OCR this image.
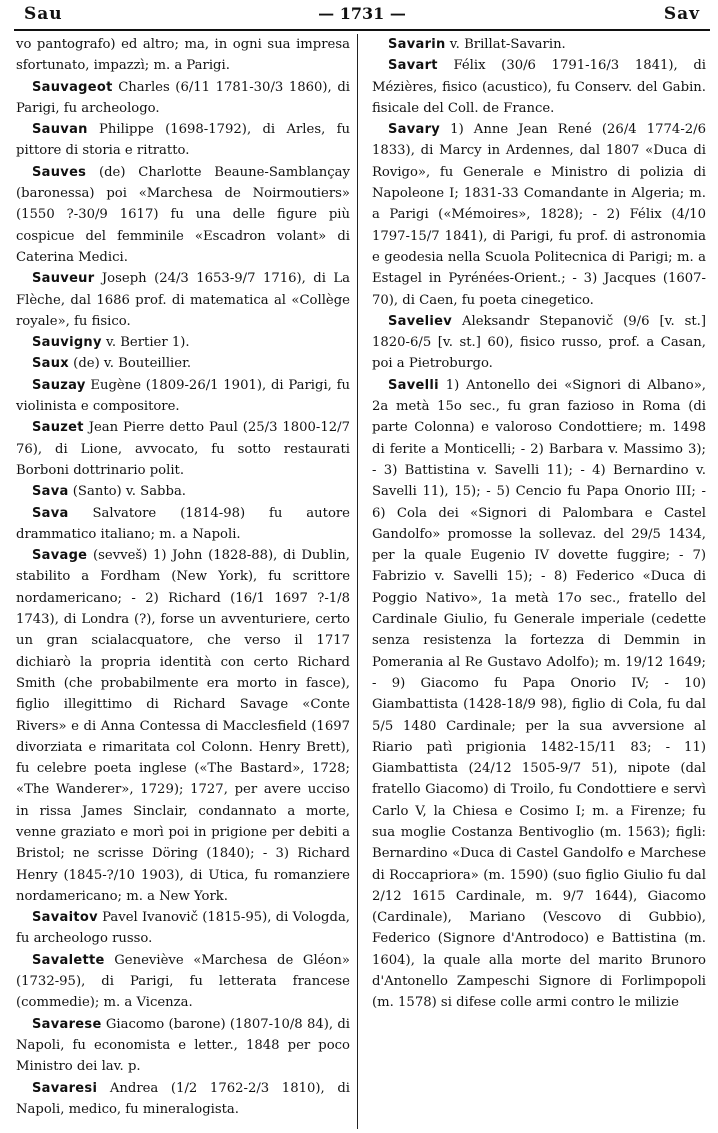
Sau	— 1731 —	Sav

vo pantografo) ed altro; ma, in ogni sua impresa sfortunato, impazzì; m. a Parigi.

Sauvageot Charles (6/11 1781-30/3 1860), di Parigi, fu archeologo.

Sauvan Philippe (1698-1792), di Arles, fu pittore di storia e ritratto.

Sauves (de) Charlotte Beaune-Samblançay (baronessa) poi «Marchesa de Noirmoutiers» (1550 ?-30/9 1617) fu una delle figure più cospicue del femminile «Escadron volant» di Caterina Medici.

Sauveur Joseph (24/3 1653-9/7 1716), di La Flèche, dal 1686 prof. di matematica al «Collège royale», fu fisico.

Sauvigny v. Bertier 1).

Saux (de) v. Bouteillier.

Sauzay Eugène (1809-26/1 1901), di Parigi, fu violinista e compositore.

Sauzet Jean Pierre detto Paul (25/3 1800-12/7 76), di Lione, avvocato, fu sotto restaurati Borboni dottrinario polit.

Sava (Santo) v. Sabba.

Sava Salvatore (1814-98) fu autore drammatico italiano; m. a Napoli.

Savage (sevveš) 1) John (1828-88), di Dublin, stabilito a Fordham (New York), fu scrittore nordamericano; - 2) Richard (16/1 1697 ?-1/8 1743), di Londra (?), forse un avventuriere, certo un gran scialacquatore, che verso il 1717 dichiarò la propria identità con certo Richard Smith (che probabilmente era morto in fasce), figlio illegittimo di Richard Savage «Conte Rivers» e di Anna Contessa di Macclesfield (1697 divorziata e rimaritata col Colonn. Henry Brett), fu celebre poeta inglese («The Bastard», 1728; «The Wanderer», 1729); 1727, per avere ucciso in rissa James Sinclair, condannato a morte, venne graziato e morì poi in prigione per debiti a Bristol; ne scrisse Döring (1840); - 3) Richard Henry (1845-?/10 1903), di Utica, fu romanziere nordamericano; m. a New York.

Savaitov Pavel Ivanovič (1815-95), di Vologda, fu archeologo russo.

Savalette Geneviève «Marchesa de Gléon» (1732-95), di Parigi, fu letterata francese (commedie); m. a Vicenza.

Savarese Giacomo (barone) (1807-10/8 84), di Napoli, fu economista e letter., 1848 per poco Ministro dei lav. p.

Savaresi Andrea (1/2 1762-2/3 1810), di Napoli, medico, fu mineralogista.

Savarin v. Brillat-Savarin.

Savart Félix (30/6 1791-16/3 1841), di Mézières, fisico (acustico), fu Conserv. del Gabin. fisicale del Coll. de France.

Savary 1) Anne Jean René (26/4 1774-2/6 1833), di Marcy in Ardennes, dal 1807 «Duca di Rovigo», fu Generale e Ministro di polizia di Napoleone I; 1831-33 Comandante in Algeria; m. a Parigi («Mémoires», 1828); - 2) Félix (4/10 1797-15/7 1841), di Parigi, fu prof. di astronomia e geodesia nella Scuola Politecnica di Parigi; m. a Estagel in Pyrénées-Orient.; - 3) Jacques (1607-70), di Caen, fu poeta cinegetico.

Saveliev Aleksandr Stepanovič (9/6 [v. st.] 1820-6/5 [v. st.] 60), fisico russo, prof. a Casan, poi a Pietroburgo.

Savelli 1) Antonello dei «Signori di Albano», 2a metà 15o sec., fu gran fazioso in Roma (di parte Colonna) e valoroso Condottiere; m. 1498 di ferite a Monticelli; - 2) Barbara v. Massimo 3); - 3) Battistina v. Savelli 11); - 4) Bernardino v. Savelli 11), 15); - 5) Cencio fu Papa Onorio III; - 6) Cola dei «Signori di Palombara e Castel Gandolfo» promosse la sollevaz. del 29/5 1434, per la quale Eugenio IV dovette fuggire; - 7) Fabrizio v. Savelli 15); - 8) Federico «Duca di Poggio Nativo», 1a metà 17o sec., fratello del Cardinale Giulio, fu Generale imperiale (cedette senza resistenza la fortezza di Demmin in Pomerania al Re Gustavo Adolfo); m. 19/12 1649; - 9) Giacomo fu Papa Onorio IV; - 10) Giambattista (1428-18/9 98), figlio di Cola, fu dal 5/5 1480 Cardinale; per la sua avversione al Riario patì prigionia 1482-15/11 83; - 11) Giambattista (24/12 1505-9/7 51), nipote (dal fratello Giacomo) di Troilo, fu Condottiere e servì Carlo V, la Chiesa e Cosimo I; m. a Firenze; fu sua moglie Costanza Bentivoglio (m. 1563); figli: Bernardino «Duca di Castel Gandolfo e Marchese di Roccapriora» (m. 1590) (suo figlio Giulio fu dal 2/12 1615 Cardinale, m. 9/7 1644), Giacomo (Cardinale), Mariano (Vescovo di Gubbio), Federico (Signore d'Antrodoco) e Battistina (m. 1604), la quale alla morte del marito Brunoro d'Antonello Zampeschi Signore di Forlimpopoli (m. 1578) si difese colle armi contro le milizie
